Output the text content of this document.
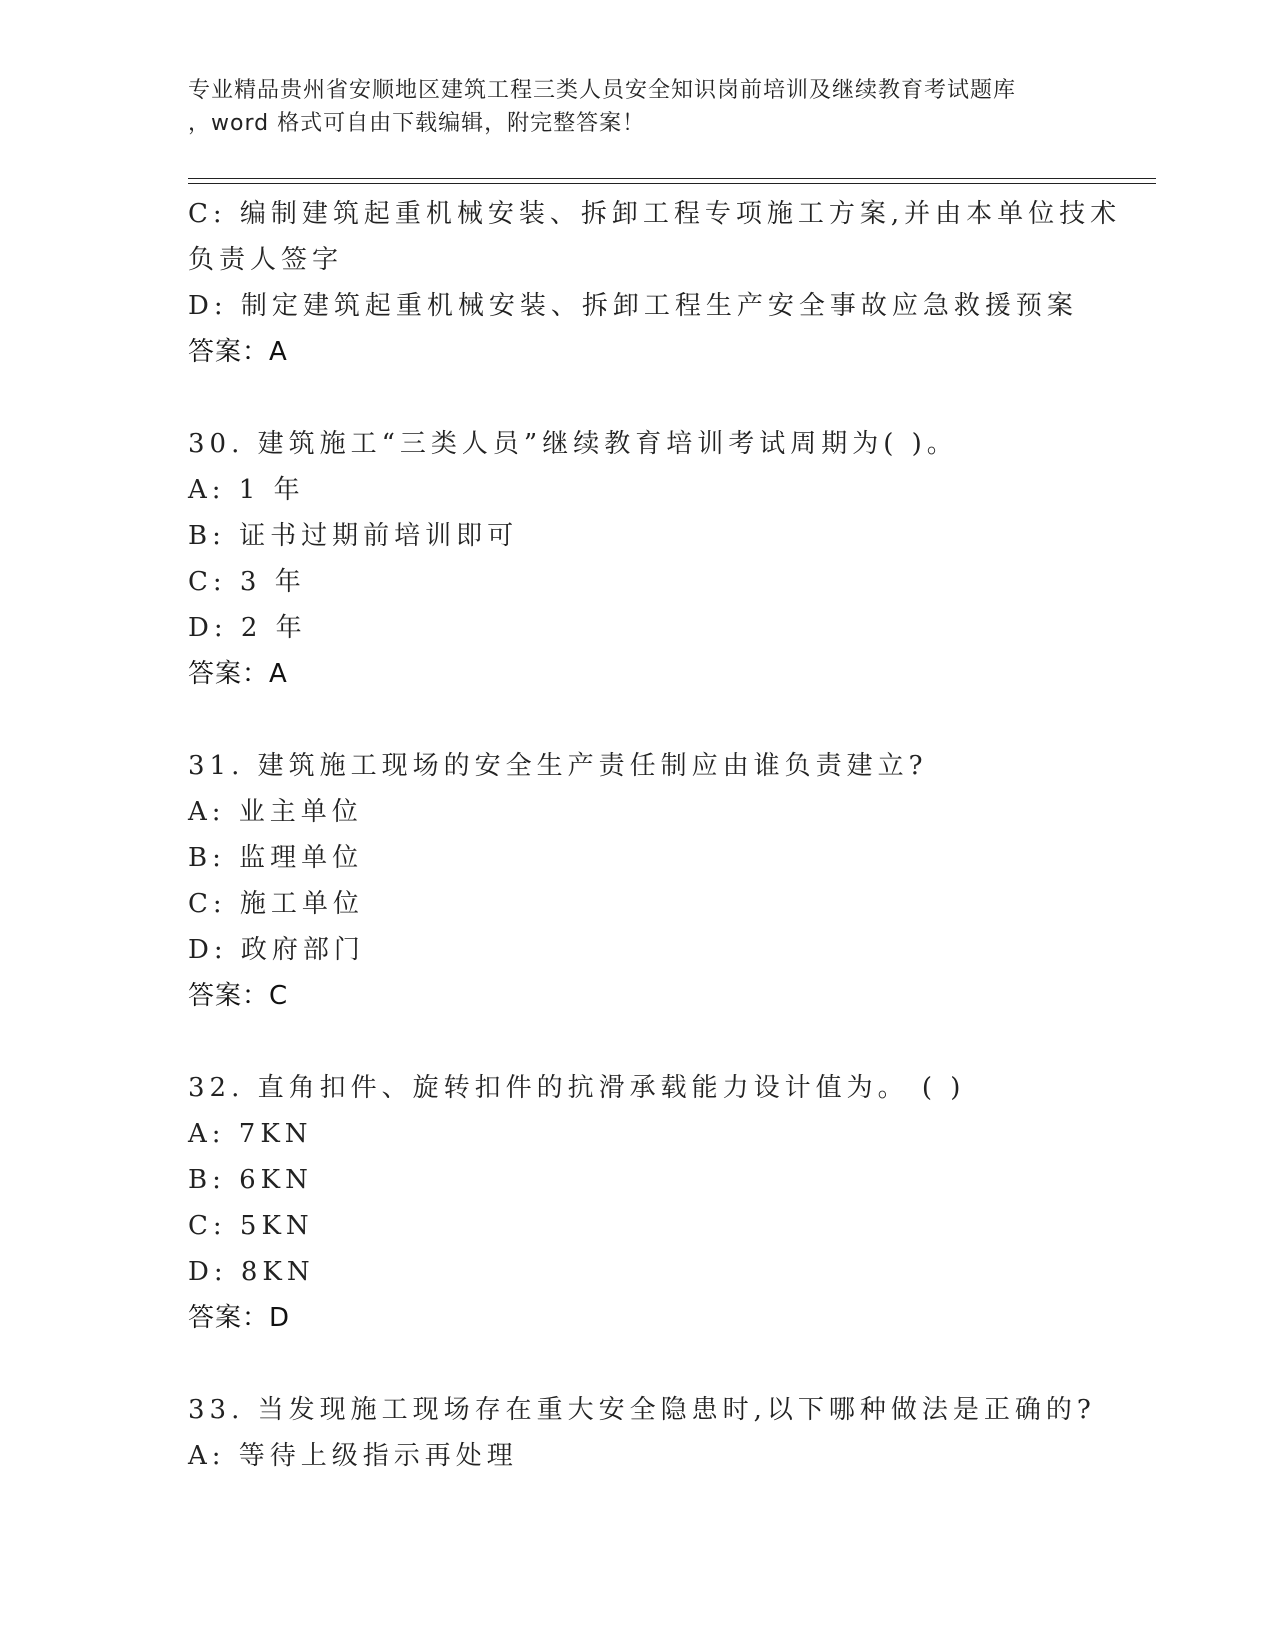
专业精品贵州省安顺地区建筑工程三类人员安全知识岗前培训及继续教育考试题库
，word 格式可自由下载编辑，附完整答案！
C: 编制建筑起重机械安装、拆卸工程专项施工方案,并由本单位技术
负责人签字
D: 制定建筑起重机械安装、拆卸工程生产安全事故应急救援预案
答案：A
30. 建筑施工“三类人员”继续教育培训考试周期为( )。
A: 1 年
B: 证书过期前培训即可
C: 3 年
D: 2 年
答案：A
31. 建筑施工现场的安全生产责任制应由谁负责建立?
A: 业主单位
B: 监理单位
C: 施工单位
D: 政府部门
答案：C
32. 直角扣件、旋转扣件的抗滑承载能力设计值为。 ( )
A: 7KN
B: 6KN
C: 5KN
D: 8KN
答案：D
33. 当发现施工现场存在重大安全隐患时,以下哪种做法是正确的?
A: 等待上级指示再处理
